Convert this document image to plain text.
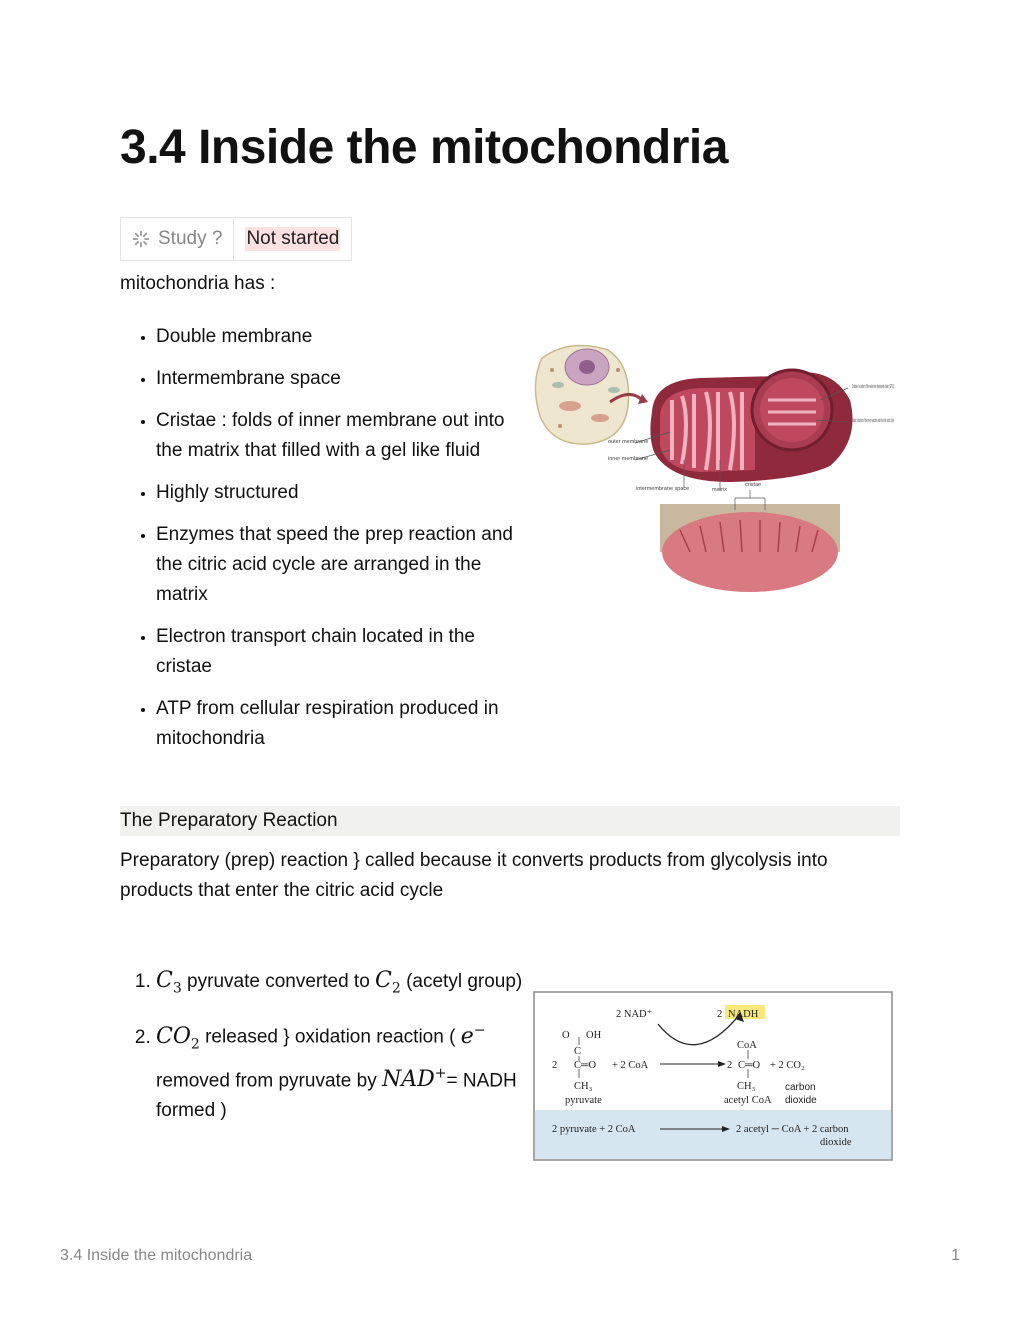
3.4 Inside the mitochondria
Study ? Not started
mitochondria has :
• Double membrane
• Intermembrane space
• Cristae : folds of inner membrane out into the matrix that filled with a gel like fluid
• Highly structured
• Enzymes that speed the prep reaction and the citric acid cycle are arranged in the matrix
• Electron transport chain located in the cristae
• ATP from cellular respiration produced in mitochondria
outer membrane
inner membrane
intermembrane space	matrix
cristae
Cristae: location of the electron transport chain (ETC)
Matrix: location of the prep reaction and the citric acid cycle
The Preparatory Reaction
Preparatory (prep) reaction } called because it converts products from glycolysis into products that enter the citric acid cycle
1. $C_3$ pyruvate converted to $C_2$ (acetyl group)
2. $CO_2$ released } oxidation reaction ( e− removed from pyruvate by NAD+= NADH formed )
2 NAD⁺	2 NADH
O OH
C
2 C═O + 2 CoA
CH₃
pyruvate
CoA
2 C═O + 2 CO₂
CH₃
acetyl CoA
carbon
dioxide
2 pyruvate + 2 CoA	2 acetyl ─ CoA + 2 carbon
dioxide
3.4 Inside the mitochondria	1
